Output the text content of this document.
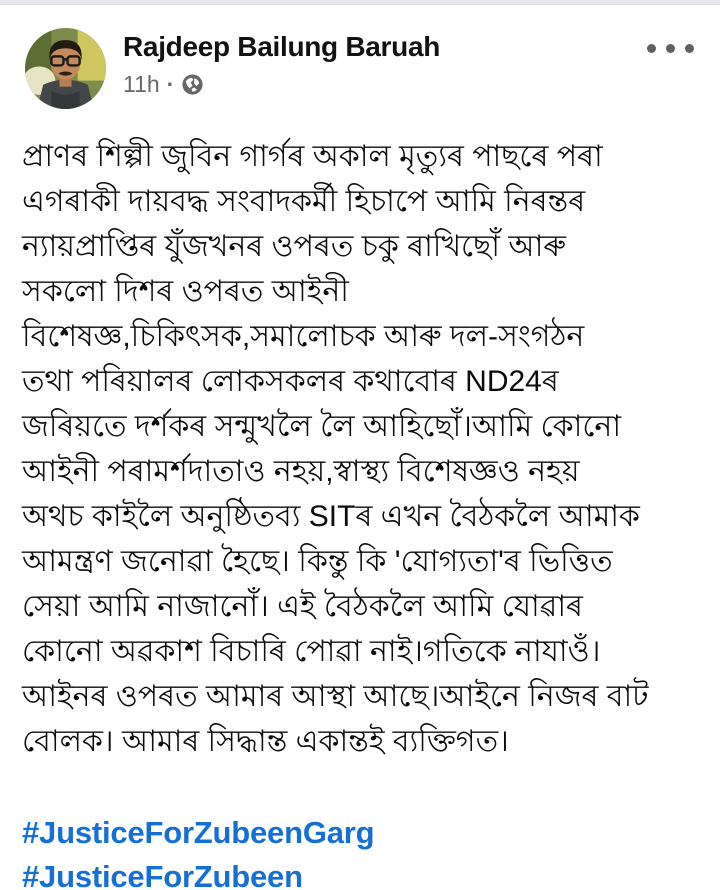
Rajdeep Bailung Baruah
11h ·
প্ৰাণৰ শিল্পী জুবিন গাৰ্গৰ অকাল মৃত্যুৰ পাছৰে পৰা
এগৰাকী দায়বদ্ধ সংবাদকৰ্মী হিচাপে আমি নিৰন্তৰ
ন্যায়প্ৰাপ্তিৰ যুঁজখনৰ ওপৰত চকু ৰাখিছোঁ আৰু
সকলো দিশৰ ওপৰত আইনী
বিশেষজ্ঞ,চিকিৎসক,সমালোচক আৰু দল-সংগঠন
তথা পৰিয়ালৰ লোকসকলৰ কথাবোৰ ND24ৰ
জৰিয়তে দৰ্শকৰ সন্মুখলৈ লৈ আহিছোঁ।আমি কোনো
আইনী পৰামৰ্শদাতাও নহয়,স্বাস্থ্য বিশেষজ্ঞও নহয়
অথচ কাইলৈ অনুষ্ঠিতব্য SITৰ এখন বৈঠকলৈ আমাক
আমন্ত্ৰণ জনোৱা হৈছে। কিন্তু কি 'যোগ্যতা'ৰ ভিত্তিত
সেয়া আমি নাজানোঁ। এই বৈঠকলৈ আমি যোৱাৰ
কোনো অৱকাশ বিচাৰি পোৱা নাই।গতিকে নাযাওঁ।
আইনৰ ওপৰত আমাৰ আস্থা আছে।আইনে নিজৰ বাট
বোলক। আমাৰ সিদ্ধান্ত একান্তই ব্যক্তিগত।
#JusticeForZubeenGarg
#JusticeForZubeen
